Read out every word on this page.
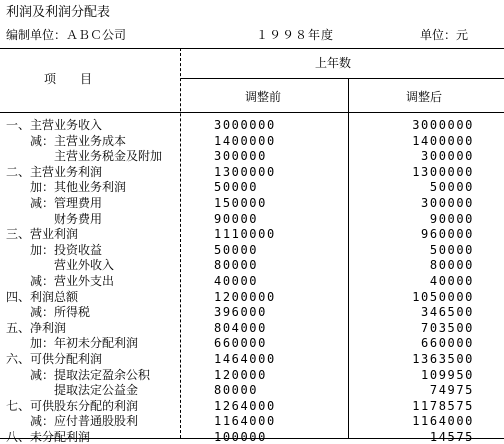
利润及利润分配表
编制单位：ＡＢＣ公司	１９９８年度	单位：元
项　　目
上年数
调整前	调整后
一、主营业务收入	3000000	3000000
　　减：主营业务成本	1400000	1400000
　　　　主营业务税金及附加	300000	300000
二、主营业务利润	1300000	1300000
　　加：其他业务利润	50000	50000
　　减：管理费用	150000	300000
　　　　财务费用	90000	90000
三、营业利润	1110000	960000
　　加：投资收益	50000	50000
　　　　营业外收入	80000	80000
　　减：营业外支出	40000	40000
四、利润总额	1200000	1050000
　　减：所得税	396000	346500
五、净利润	804000	703500
　　加：年初未分配利润	660000	660000
六、可供分配利润	1464000	1363500
　　减：提取法定盈余公积	120000	109950
　　　　提取法定公益金	80000	74975
七、可供股东分配的利润	1264000	1178575
　　减：应付普通股股利	1164000	1164000
八、未分配利润	100000	14575
